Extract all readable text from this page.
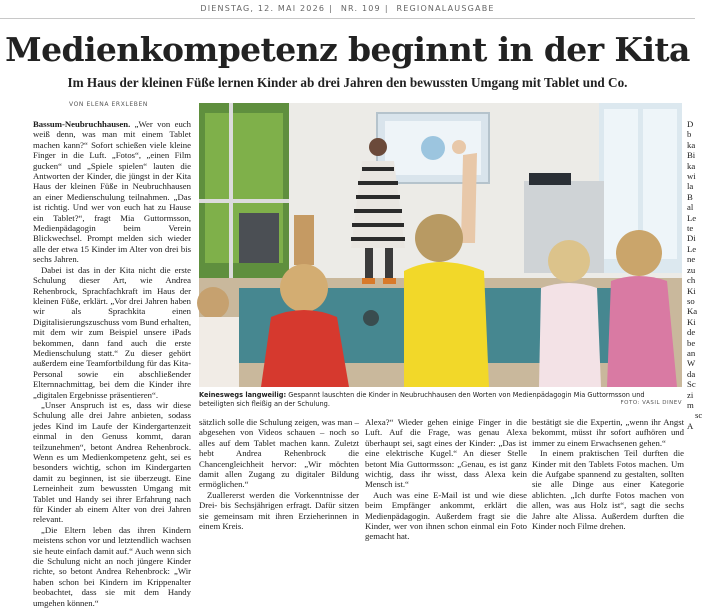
DIENSTAG, 12. MAI 2026 | NR. 109 | REGIONALAUSGABE
Medienkompetenz beginnt in der Kita
Im Haus der kleinen Füße lernen Kinder ab drei Jahren den bewussten Umgang mit Tablet und Co.
VON ELENA ERXLEBEN

Bassum-Neubruchhausen. „Wer von euch weiß denn, was man mit einem Tablet machen kann?“ Sofort schießen viele kleine Finger in die Luft. „Fotos“, „einen Film gucken“ und „Spiele spielen“ lauten die Antworten der Kinder, die jüngst in der Kita Haus der kleinen Füße in Neubruchhausen an einer Medienschulung teilnahmen. „Das ist richtig. Und wer von euch hat zu Hause ein Tablet?“, fragt Mia Guttormsson, Medienpädagogin beim Verein Blickwechsel. Prompt melden sich wieder alle der etwa 15 Kinder im Alter von drei bis sechs Jahren.

Dabei ist das in der Kita nicht die erste Schulung dieser Art, wie Andrea Rehenbrock, Sprachfachkraft im Haus der kleinen Füße, erklärt. „Vor drei Jahren haben wir als Sprachkita einen Digitalisierungszuschuss vom Bund erhalten, mit dem wir zum Beispiel unsere iPads bekommen, dann fand auch die erste Medienschulung statt.“ Zu dieser gehört außerdem eine Teamfortbildung für das Kita-Personal sowie ein abschließender Elternnachmittag, bei dem die Kinder ihre „digitalen Ergebnisse präsentieren“.

„Unser Anspruch ist es, dass wir diese Schulung alle drei Jahre anbieten, sodass jedes Kind im Laufe der Kindergartenzeit einmal in den Genuss kommt, daran teilzunehmen“, betont Andrea Rehenbrock. Wenn es um Medienkompetenz geht, sei es besonders wichtig, schon im Kindergarten damit zu beginnen, ist sie überzeugt. Eine Lerneinheit zum bewussten Umgang mit Tablet und Handy sei ihrer Erfahrung nach für Kinder ab einem Alter von drei Jahren relevant.

„Die Eltern leben das ihren Kindern meistens schon vor und letztendlich wachsen sie heute einfach damit auf.“ Auch wenn sich die Schulung nicht an noch jüngere Kinder richte, so betont Andrea Rehenbrock: „Wir haben schon bei Kindern im Krippenalter beobachtet, dass sie mit dem Handy umgehen können.“

Keineswegs langweilig: Gespannt lauschten die Kinder in Neubruchhausen den Worten von Medienpädagogin Mia Guttormsson und beteiligten sich fleißig an der Schulung.	FOTO: VASIL DINEV

sätzlich solle die Schulung zeigen, was man – abgesehen von Videos schauen – noch so alles auf dem Tablet machen kann. Zuletzt hebt Andrea Rehenbrock die Chancengleichheit hervor: „Wir möchten damit allen Zugang zu digitaler Bildung ermöglichen.“

Zuallererst werden die Vorkenntnisse der Drei- bis Sechsjährigen erfragt. Dafür sitzen sie gemeinsam mit ihren Erzieherinnen in einem Kreis.

Alexa?“ Wieder gehen einige Finger in die Luft. Auf die Frage, was genau Alexa überhaupt sei, sagt eines der Kinder: „Das ist eine elektrische Kugel.“ An dieser Stelle betont Mia Guttormsson: „Genau, es ist ganz wichtig, dass ihr wisst, dass Alexa kein Mensch ist.“

Auch was eine E-Mail ist und wie diese beim Empfänger ankommt, erklärt die Medienpädagogin. Außerdem fragt sie die Kinder, wer von ihnen schon einmal ein Foto gemacht hat.

bestätigt sie die Expertin, „wenn ihr Angst bekommt, müsst ihr sofort aufhören und immer zu einem Erwachsenen gehen.“

In einem praktischen Teil durften die Kinder mit den Tablets Fotos machen. Um die Aufgabe spannend zu gestalten, sollten sie alle Dinge aus einer Kategorie ablichten. „Ich durfte Fotos machen von allen, was aus Holz ist“, sagt die sechs Jahre alte Alissa. Außerdem durften die Kinder noch Filme drehen.

D b ka Bi ka wi la B al Le te Di Le ne zu ch Ki so Ka Ki de be an W da Sc zi m

sc A
